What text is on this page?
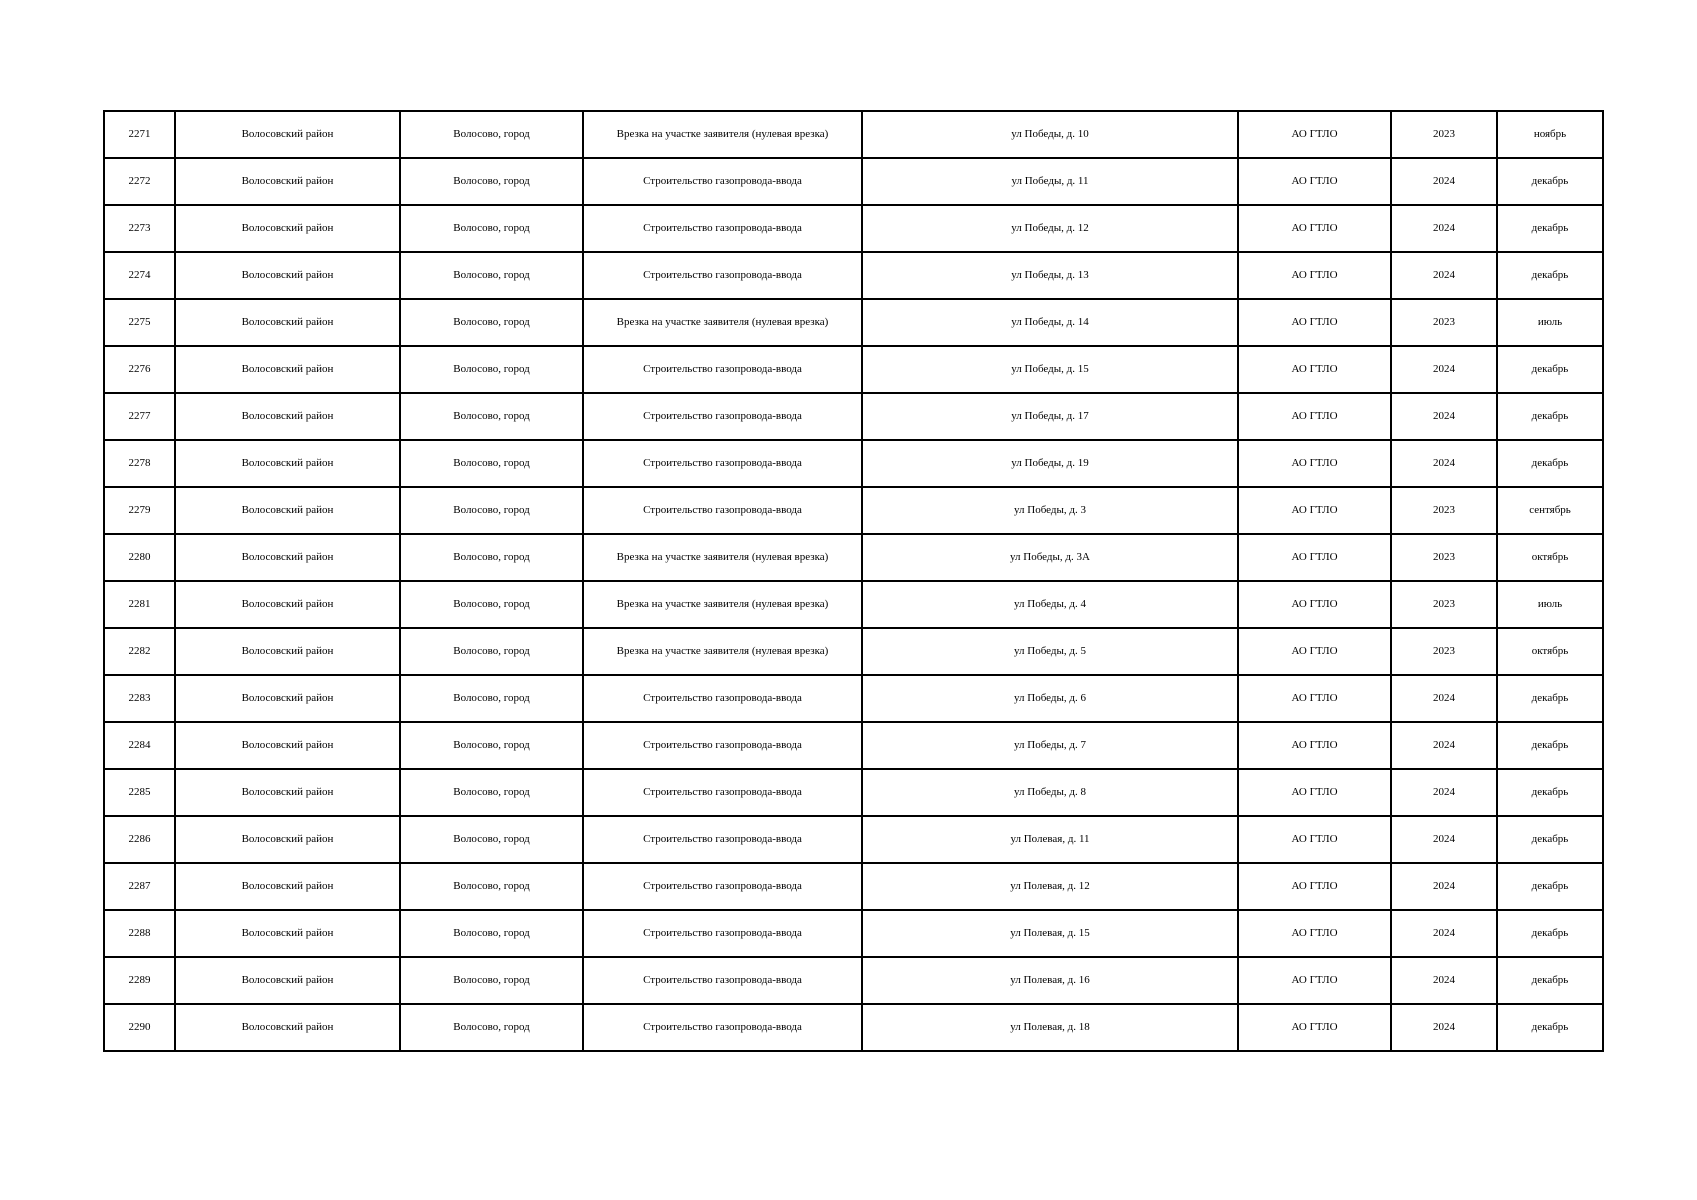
2271	Волосовский район	Волосово, город	Врезка на участке заявителя (нулевая врезка)	ул Победы, д. 10	АО ГТЛО	2023	ноябрь
2272	Волосовский район	Волосово, город	Строительство газопровода-ввода	ул Победы, д. 11	АО ГТЛО	2024	декабрь
2273	Волосовский район	Волосово, город	Строительство газопровода-ввода	ул Победы, д. 12	АО ГТЛО	2024	декабрь
2274	Волосовский район	Волосово, город	Строительство газопровода-ввода	ул Победы, д. 13	АО ГТЛО	2024	декабрь
2275	Волосовский район	Волосово, город	Врезка на участке заявителя (нулевая врезка)	ул Победы, д. 14	АО ГТЛО	2023	июль
2276	Волосовский район	Волосово, город	Строительство газопровода-ввода	ул Победы, д. 15	АО ГТЛО	2024	декабрь
2277	Волосовский район	Волосово, город	Строительство газопровода-ввода	ул Победы, д. 17	АО ГТЛО	2024	декабрь
2278	Волосовский район	Волосово, город	Строительство газопровода-ввода	ул Победы, д. 19	АО ГТЛО	2024	декабрь
2279	Волосовский район	Волосово, город	Строительство газопровода-ввода	ул Победы, д. 3	АО ГТЛО	2023	сентябрь
2280	Волосовский район	Волосово, город	Врезка на участке заявителя (нулевая врезка)	ул Победы, д. 3А	АО ГТЛО	2023	октябрь
2281	Волосовский район	Волосово, город	Врезка на участке заявителя (нулевая врезка)	ул Победы, д. 4	АО ГТЛО	2023	июль
2282	Волосовский район	Волосово, город	Врезка на участке заявителя (нулевая врезка)	ул Победы, д. 5	АО ГТЛО	2023	октябрь
2283	Волосовский район	Волосово, город	Строительство газопровода-ввода	ул Победы, д. 6	АО ГТЛО	2024	декабрь
2284	Волосовский район	Волосово, город	Строительство газопровода-ввода	ул Победы, д. 7	АО ГТЛО	2024	декабрь
2285	Волосовский район	Волосово, город	Строительство газопровода-ввода	ул Победы, д. 8	АО ГТЛО	2024	декабрь
2286	Волосовский район	Волосово, город	Строительство газопровода-ввода	ул Полевая, д. 11	АО ГТЛО	2024	декабрь
2287	Волосовский район	Волосово, город	Строительство газопровода-ввода	ул Полевая, д. 12	АО ГТЛО	2024	декабрь
2288	Волосовский район	Волосово, город	Строительство газопровода-ввода	ул Полевая, д. 15	АО ГТЛО	2024	декабрь
2289	Волосовский район	Волосово, город	Строительство газопровода-ввода	ул Полевая, д. 16	АО ГТЛО	2024	декабрь
2290	Волосовский район	Волосово, город	Строительство газопровода-ввода	ул Полевая, д. 18	АО ГТЛО	2024	декабрь
